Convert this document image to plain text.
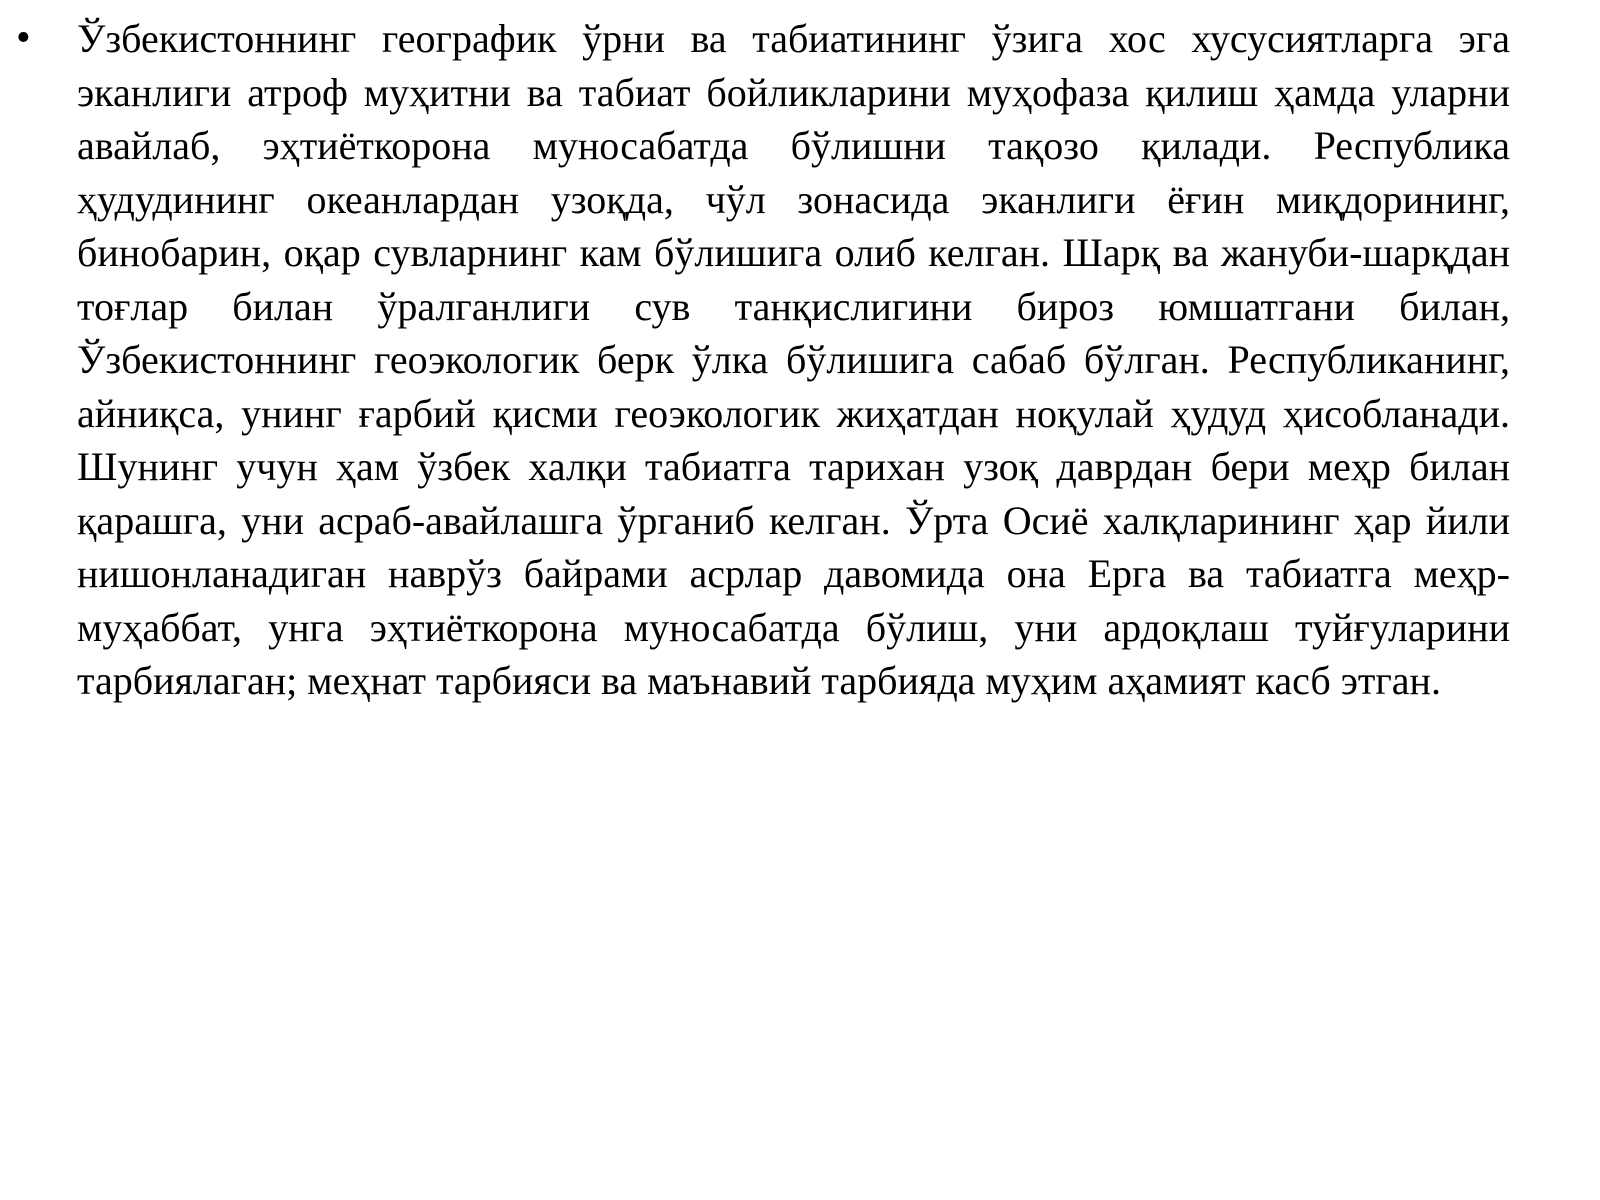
• Ўзбекистоннинг географик ўрни ва табиатининг ўзига хос хусусиятларга эга эканлиги атроф муҳитни ва табиат бойликларини муҳофаза қилиш ҳамда уларни авайлаб, эҳтиёткорона муносабатда бўлишни тақозо қилади. Республика ҳудудининг океанлардан узоқда, чўл зонасида эканлиги ёғин миқдорининг, бинобарин, оқар сувларнинг кам бўлишига олиб келган. Шарқ ва жануби-шарқдан тоғлар билан ўралганлиги сув танқислигини бироз юмшатгани билан, Ўзбекистоннинг геоэкологик берк ўлка бўлишига сабаб бўлган. Республиканинг, айниқса, унинг ғарбий қисми геоэкологик жиҳатдан ноқулай ҳудуд ҳисобланади. Шунинг учун ҳам ўзбек халқи табиатга тарихан узоқ даврдан бери меҳр билан қарашга, уни асраб-авайлашга ўрганиб келган. Ўрта Осиё халқларининг ҳар йили нишонланадиган наврўз байрами асрлар давомида она Ерга ва табиатга меҳр-муҳаббат, унга эҳтиёткорона муносабатда бўлиш, уни ардоқлаш туйғуларини тарбиялаган; меҳнат тарбияси ва маънавий тарбияда муҳим аҳамият касб этган.
